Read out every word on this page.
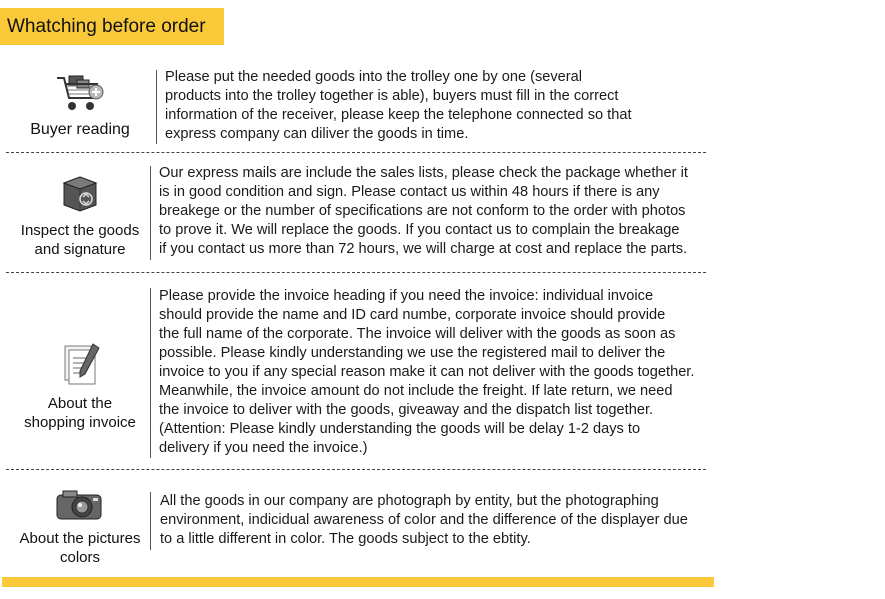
Whatching before order
Buyer reading
Please put the needed goods into the trolley one by one (several
products into the trolley together is able), buyers must fill in the correct
information of the receiver, please keep the telephone connected so that
express company can diliver the goods in time.
Inspect the goods
and signature
Our express mails are include the sales lists, please check the package whether it
is in good condition and sign. Please contact us within 48 hours if there is any
breakege or the number of specifications are not conform to the order with photos
to prove it. We will replace the goods. If you contact us to complain the breakage
if you contact us more than 72 hours, we will charge at cost and replace the parts.
About the
shopping invoice
Please provide the invoice heading if you need the invoice: individual invoice
should provide the name and ID card numbe, corporate invoice should provide
the full name of the corporate. The invoice will deliver with the goods as soon as
possible. Please kindly understanding we use the registered mail to deliver the
invoice to you if any special reason make it can not deliver with the goods together.
Meanwhile, the invoice amount do not include the freight. If late return, we need
the invoice to deliver with the goods, giveaway and the dispatch list together.
(Attention: Please kindly understanding the goods will be delay 1-2 days to
delivery if you need the invoice.)
About the pictures
colors
All the goods in our company are photograph by entity, but the photographing
environment, indicidual awareness of color and the difference of the displayer due
to a little different in color. The goods subject to the ebtity.
